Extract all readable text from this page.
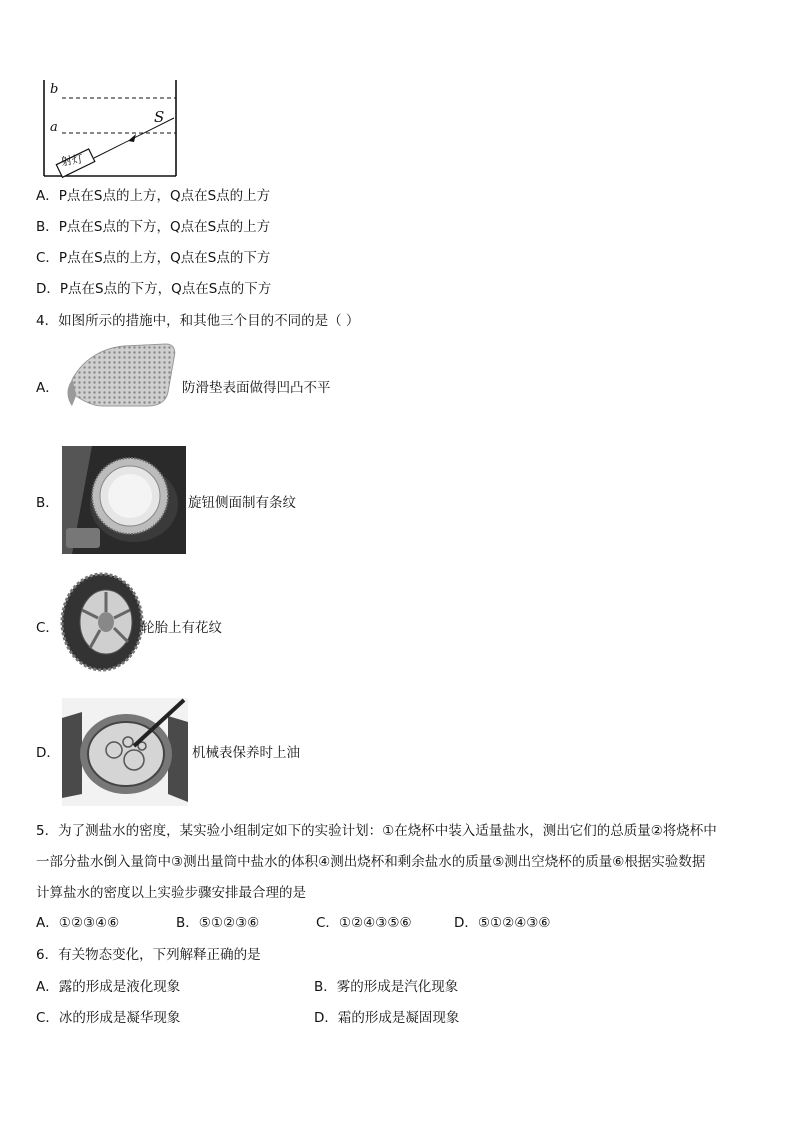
b
a
S
射灯
A．P点在S点的上方，Q点在S点的上方
B．P点在S点的下方，Q点在S点的上方
C．P点在S点的上方，Q点在S点的下方
D．P点在S点的下方，Q点在S点的下方
4．如图所示的措施中，和其他三个目的不同的是（ ）
A．	防滑垫表面做得凹凸不平
B．	旋钮侧面制有条纹
C．	轮胎上有花纹
D．	机械表保养时上油
5．为了测盐水的密度，某实验小组制定如下的实验计划：①在烧杯中装入适量盐水，测出它们的总质量②将烧杯中
一部分盐水倒入量筒中③测出量筒中盐水的体积④测出烧杯和剩余盐水的质量⑤测出空烧杯的质量⑥根据实验数据
计算盐水的密度以上实验步骤安排最合理的是
A．①②③④⑥	B．⑤①②③⑥	C．①②④③⑤⑥	D．⑤①②④③⑥
6．有关物态变化，下列解释正确的是
A．露的形成是液化现象	B．雾的形成是汽化现象
C．冰的形成是凝华现象	D．霜的形成是凝固现象
